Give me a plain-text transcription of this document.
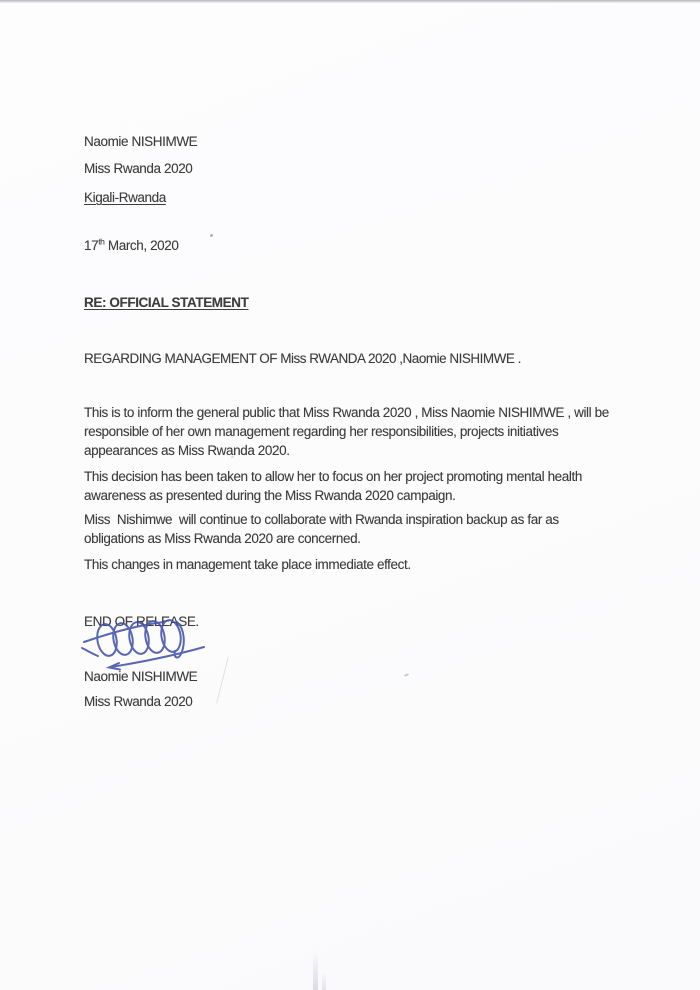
Naomie NISHIMWE
Miss Rwanda 2020
Kigali-Rwanda
17th March, 2020
RE: OFFICIAL STATEMENT
REGARDING MANAGEMENT OF Miss RWANDA 2020 ,Naomie NISHIMWE .
This is to inform the general public that Miss Rwanda 2020 , Miss Naomie NISHIMWE , will be
responsible of her own management regarding her responsibilities, projects initiatives
appearances as Miss Rwanda 2020.
This decision has been taken to allow her to focus on her project promoting mental health
awareness as presented during the Miss Rwanda 2020 campaign.
Miss  Nishimwe  will continue to collaborate with Rwanda inspiration backup as far as
obligations as Miss Rwanda 2020 are concerned.
This changes in management take place immediate effect.
END OF RELEASE.
Naomie NISHIMWE
Miss Rwanda 2020
